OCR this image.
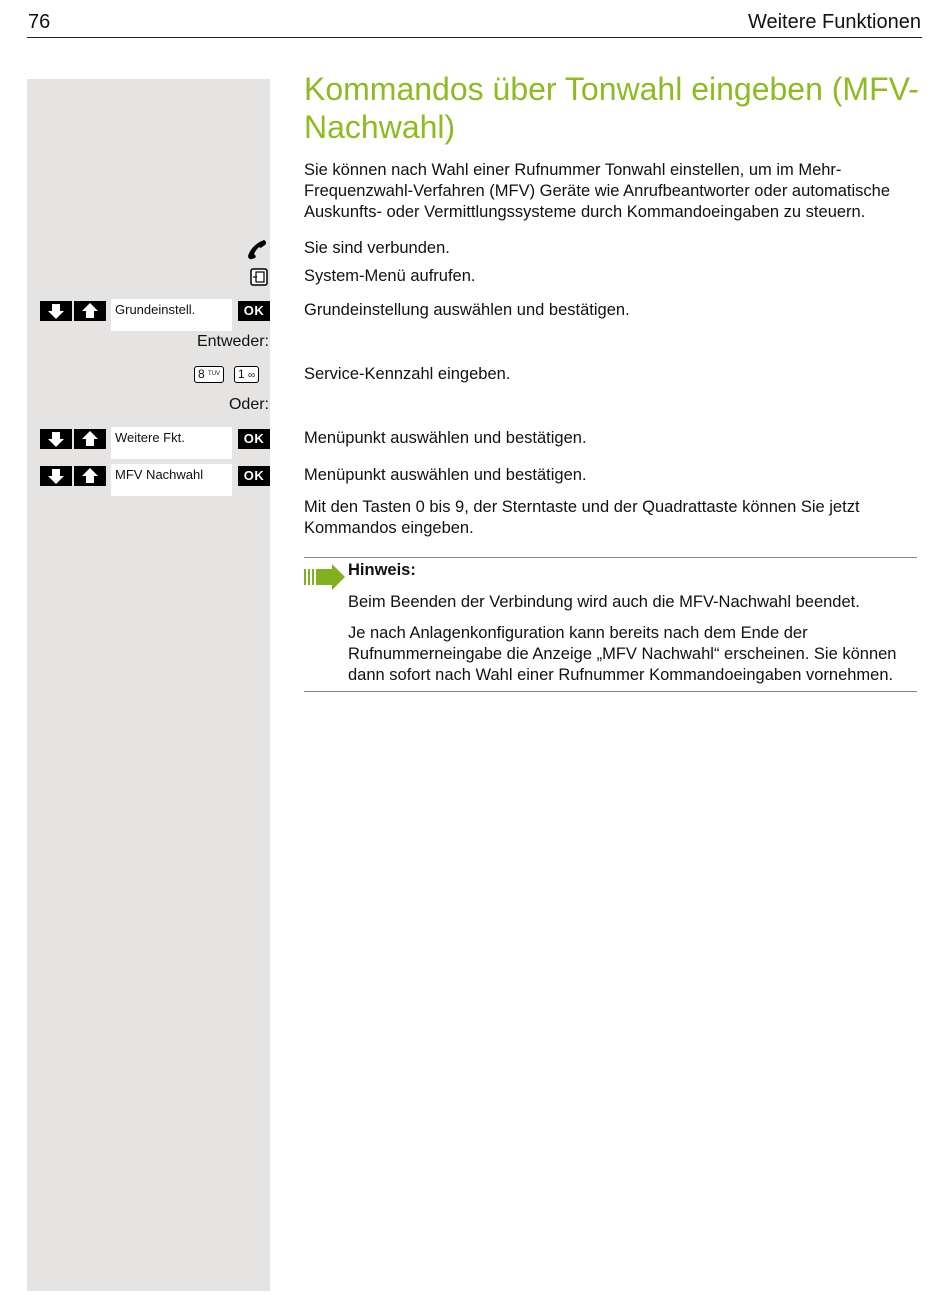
76	Weitere Funktionen
Kommandos über Tonwahl eingeben (MFV-Nachwahl)
Sie können nach Wahl einer Rufnummer Tonwahl einstellen, um im Mehr-Frequenzwahl-Verfahren (MFV) Geräte wie Anrufbeantworter oder automatische Auskunfts- oder Vermittlungssysteme durch Kommandoeingaben zu steuern.
Sie sind verbunden.
System-Menü aufrufen.
Grundeinstell.	OK	Grundeinstellung auswählen und bestätigen.
Entweder:
8 $^{TUV}$	1 ∞	Service-Kennzahl eingeben.
Oder:
Weitere Fkt.	OK	Menüpunkt auswählen und bestätigen.
MFV Nachwahl	OK	Menüpunkt auswählen und bestätigen.
Mit den Tasten 0 bis 9, der Sterntaste und der Quadrattaste können Sie jetzt Kommandos eingeben.
Hinweis:
Beim Beenden der Verbindung wird auch die MFV-Nachwahl beendet.
Je nach Anlagenkonfiguration kann bereits nach dem Ende der Rufnummerneingabe die Anzeige „MFV Nachwahl“ erscheinen. Sie können dann sofort nach Wahl einer Rufnummer Kommandoeingaben vornehmen.
